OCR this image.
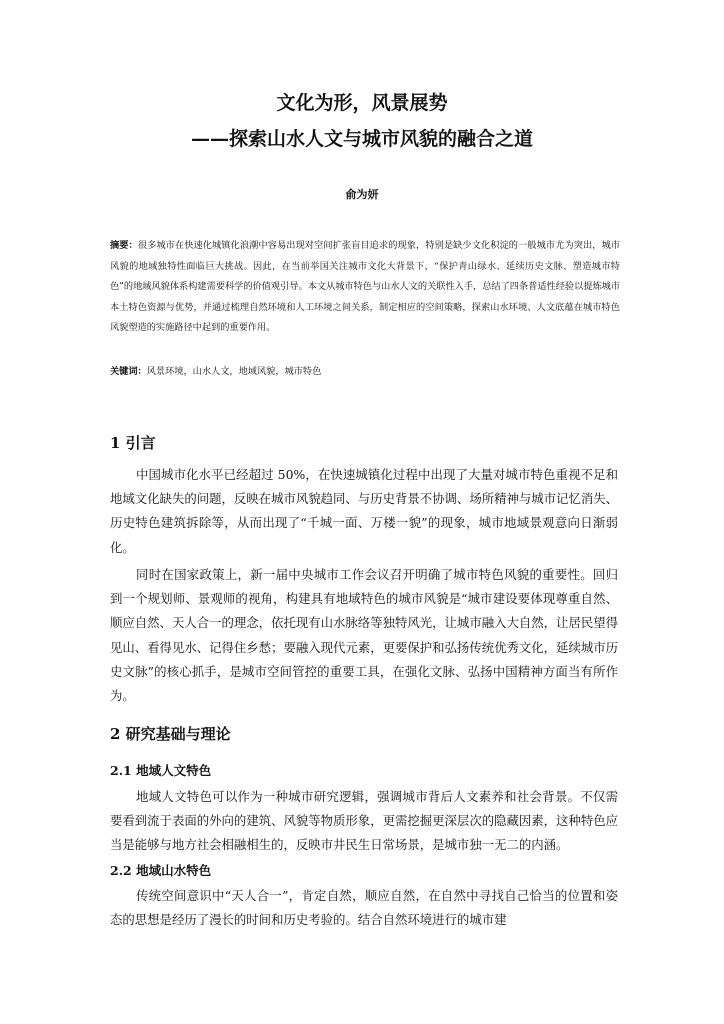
文化为形，风景展势
——探索山水人文与城市风貌的融合之道
俞为妍
摘要：很多城市在快速化城镇化浪潮中容易出现对空间扩张盲目追求的现象，特别是缺少文化积淀的一般城市尤为突出，城市风貌的地域独特性面临巨大挑战。因此，在当前举国关注城市文化大背景下，“保护青山绿水、延续历史文脉、塑造城市特色”的地域风貌体系构建需要科学的价值观引导。本文从城市特色与山水人文的关联性入手，总结了四条普适性经验以提炼城市本土特色资源与优势，并通过梳理自然环境和人工环境之间关系，制定相应的空间策略，探索山水环境、人文底蕴在城市特色风貌塑造的实施路径中起到的重要作用。
关键词：风景环境，山水人文，地域风貌，城市特色
1 引言
中国城市化水平已经超过 50%，在快速城镇化过程中出现了大量对城市特色重视不足和地域文化缺失的问题，反映在城市风貌趋同、与历史背景不协调、场所精神与城市记忆消失、历史特色建筑拆除等，从而出现了“千城一面、万楼一貌”的现象，城市地域景观意向日渐弱化。
同时在国家政策上，新一届中央城市工作会议召开明确了城市特色风貌的重要性。回归到一个规划师、景观师的视角，构建具有地域特色的城市风貌是“城市建设要体现尊重自然、顺应自然、天人合一的理念，依托现有山水脉络等独特风光，让城市融入大自然，让居民望得见山、看得见水、记得住乡愁；要融入现代元素，更要保护和弘扬传统优秀文化，延续城市历史文脉”的核心抓手，是城市空间管控的重要工具，在强化文脉、弘扬中国精神方面当有所作为。
2 研究基础与理论
2.1 地域人文特色
地域人文特色可以作为一种城市研究逻辑，强调城市背后人文素养和社会背景。不仅需要看到流于表面的外向的建筑、风貌等物质形象，更需挖掘更深层次的隐藏因素，这种特色应当是能够与地方社会相融相生的，反映市井民生日常场景，是城市独一无二的内涵。
2.2 地域山水特色
传统空间意识中“天人合一”，肯定自然，顺应自然，在自然中寻找自己恰当的位置和姿态的思想是经历了漫长的时间和历史考验的。结合自然环境进行的城市建
